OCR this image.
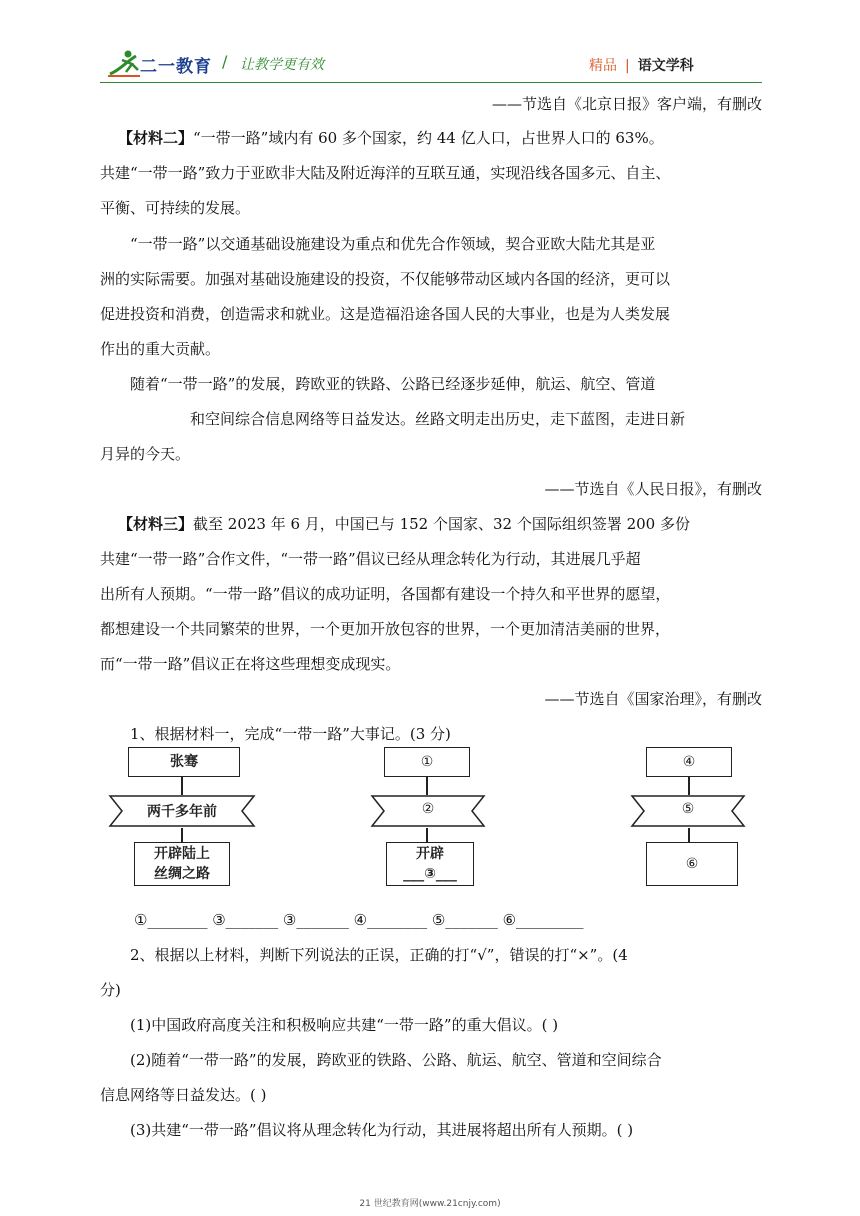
二一教育 / 让教学更有效	精品 | 语文学科
——节选自《北京日报》客户端，有删改
【材料二】“一带一路”域内有 60 多个国家，约 44 亿人口，占世界人口的 63%。
共建“一带一路”致力于亚欧非大陆及附近海洋的互联互通，实现沿线各国多元、自主、
平衡、可持续的发展。
“一带一路”以交通基础设施建设为重点和优先合作领域，契合亚欧大陆尤其是亚
洲的实际需要。加强对基础设施建设的投资，不仅能够带动区域内各国的经济，更可以
促进投资和消费，创造需求和就业。这是造福沿途各国人民的大事业，也是为人类发展
作出的重大贡献。
随着“一带一路”的发展，跨欧亚的铁路、公路已经逐步延伸，航运、航空、管道
和空间综合信息网络等日益发达。丝路文明走出历史，走下蓝图，走进日新
月异的今天。
——节选自《人民日报》，有删改
【材料三】截至 2023 年 6 月，中国已与 152 个国家、32 个国际组织签署 200 多份
共建“一带一路”合作文件，“一带一路”倡议已经从理念转化为行动，其进展几乎超
出所有人预期。“一带一路”倡议的成功证明，各国都有建设一个持久和平世界的愿望，
都想建设一个共同繁荣的世界，一个更加开放包容的世界，一个更加清洁美丽的世界，
而“一带一路”倡议正在将这些理想变成现实。
——节选自《国家治理》，有删改
1、根据材料一，完成“一带一路”大事记。(3 分)
张骞
两千多年前
开辟陆上
丝绸之路
①
②
开辟 ___③___
④
⑤
⑥
①________ ③_______ ③_______ ④________ ⑤_______ ⑥_________
2、根据以上材料，判断下列说法的正误，正确的打“√”，错误的打“×”。(4
分)
(1)中国政府高度关注和积极响应共建“一带一路”的重大倡议。( )
(2)随着“一带一路”的发展，跨欧亚的铁路、公路、航运、航空、管道和空间综合
信息网络等日益发达。( )
(3)共建“一带一路”倡议将从理念转化为行动，其进展将超出所有人预期。( )
21 世纪教育网(www.21cnjy.com)
